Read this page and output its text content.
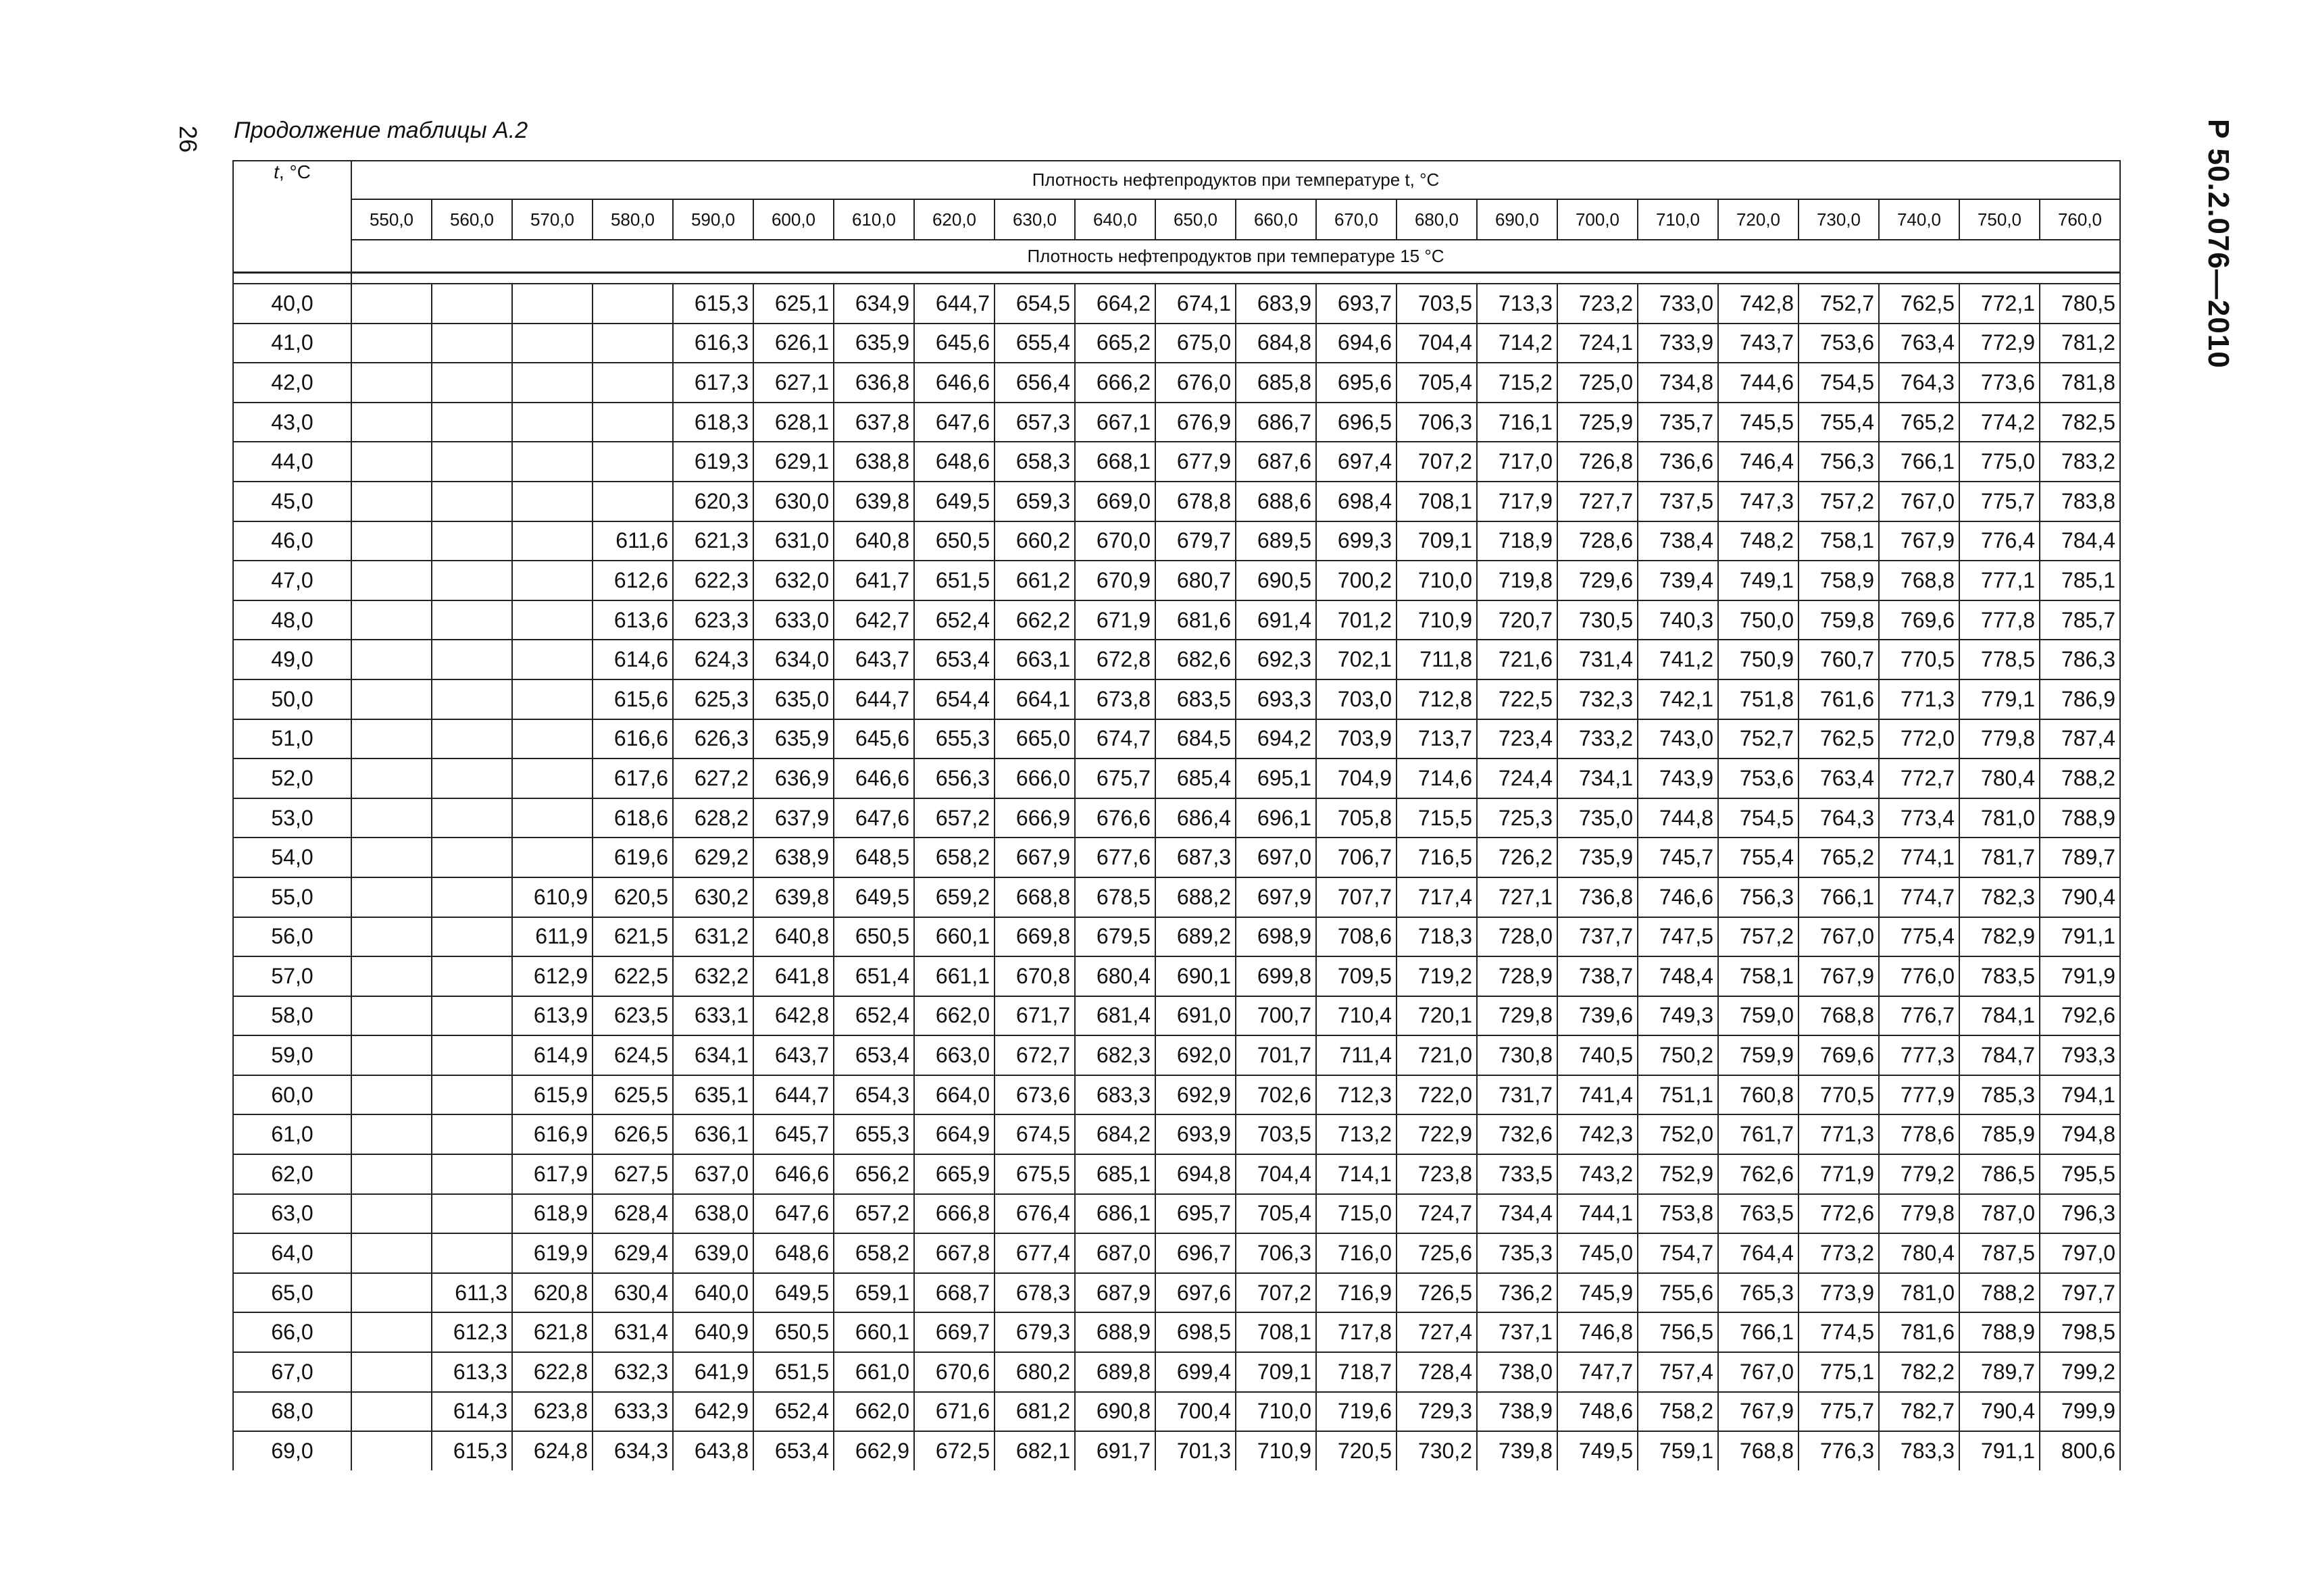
26 Продолжение таблицы А.2	Р 50.2.076—2010
t, °С	Плотность нефтепродуктов при температуре t, °С																					
	550,0	560,0	570,0	580,0	590,0	600,0	610,0	620,0	630,0	640,0	650,0	660,0	670,0	680,0	690,0	700,0	710,0	720,0	730,0	740,0	750,0	760,0
	Плотность нефтепродуктов при температуре 15 °С																					

40,0					615,3	625,1	634,9	644,7	654,5	664,2	674,1	683,9	693,7	703,5	713,3	723,2	733,0	742,8	752,7	762,5	772,1	780,5
41,0					616,3	626,1	635,9	645,6	655,4	665,2	675,0	684,8	694,6	704,4	714,2	724,1	733,9	743,7	753,6	763,4	772,9	781,2
42,0					617,3	627,1	636,8	646,6	656,4	666,2	676,0	685,8	695,6	705,4	715,2	725,0	734,8	744,6	754,5	764,3	773,6	781,8
43,0					618,3	628,1	637,8	647,6	657,3	667,1	676,9	686,7	696,5	706,3	716,1	725,9	735,7	745,5	755,4	765,2	774,2	782,5
44,0					619,3	629,1	638,8	648,6	658,3	668,1	677,9	687,6	697,4	707,2	717,0	726,8	736,6	746,4	756,3	766,1	775,0	783,2
45,0					620,3	630,0	639,8	649,5	659,3	669,0	678,8	688,6	698,4	708,1	717,9	727,7	737,5	747,3	757,2	767,0	775,7	783,8
46,0				611,6	621,3	631,0	640,8	650,5	660,2	670,0	679,7	689,5	699,3	709,1	718,9	728,6	738,4	748,2	758,1	767,9	776,4	784,4
47,0				612,6	622,3	632,0	641,7	651,5	661,2	670,9	680,7	690,5	700,2	710,0	719,8	729,6	739,4	749,1	758,9	768,8	777,1	785,1
48,0				613,6	623,3	633,0	642,7	652,4	662,2	671,9	681,6	691,4	701,2	710,9	720,7	730,5	740,3	750,0	759,8	769,6	777,8	785,7
49,0				614,6	624,3	634,0	643,7	653,4	663,1	672,8	682,6	692,3	702,1	711,8	721,6	731,4	741,2	750,9	760,7	770,5	778,5	786,3
50,0				615,6	625,3	635,0	644,7	654,4	664,1	673,8	683,5	693,3	703,0	712,8	722,5	732,3	742,1	751,8	761,6	771,3	779,1	786,9
51,0				616,6	626,3	635,9	645,6	655,3	665,0	674,7	684,5	694,2	703,9	713,7	723,4	733,2	743,0	752,7	762,5	772,0	779,8	787,4
52,0				617,6	627,2	636,9	646,6	656,3	666,0	675,7	685,4	695,1	704,9	714,6	724,4	734,1	743,9	753,6	763,4	772,7	780,4	788,2
53,0				618,6	628,2	637,9	647,6	657,2	666,9	676,6	686,4	696,1	705,8	715,5	725,3	735,0	744,8	754,5	764,3	773,4	781,0	788,9
54,0				619,6	629,2	638,9	648,5	658,2	667,9	677,6	687,3	697,0	706,7	716,5	726,2	735,9	745,7	755,4	765,2	774,1	781,7	789,7
55,0			610,9	620,5	630,2	639,8	649,5	659,2	668,8	678,5	688,2	697,9	707,7	717,4	727,1	736,8	746,6	756,3	766,1	774,7	782,3	790,4
56,0			611,9	621,5	631,2	640,8	650,5	660,1	669,8	679,5	689,2	698,9	708,6	718,3	728,0	737,7	747,5	757,2	767,0	775,4	782,9	791,1
57,0			612,9	622,5	632,2	641,8	651,4	661,1	670,8	680,4	690,1	699,8	709,5	719,2	728,9	738,7	748,4	758,1	767,9	776,0	783,5	791,9
58,0			613,9	623,5	633,1	642,8	652,4	662,0	671,7	681,4	691,0	700,7	710,4	720,1	729,8	739,6	749,3	759,0	768,8	776,7	784,1	792,6
59,0			614,9	624,5	634,1	643,7	653,4	663,0	672,7	682,3	692,0	701,7	711,4	721,0	730,8	740,5	750,2	759,9	769,6	777,3	784,7	793,3
60,0			615,9	625,5	635,1	644,7	654,3	664,0	673,6	683,3	692,9	702,6	712,3	722,0	731,7	741,4	751,1	760,8	770,5	777,9	785,3	794,1
61,0			616,9	626,5	636,1	645,7	655,3	664,9	674,5	684,2	693,9	703,5	713,2	722,9	732,6	742,3	752,0	761,7	771,3	778,6	785,9	794,8
62,0			617,9	627,5	637,0	646,6	656,2	665,9	675,5	685,1	694,8	704,4	714,1	723,8	733,5	743,2	752,9	762,6	771,9	779,2	786,5	795,5
63,0			618,9	628,4	638,0	647,6	657,2	666,8	676,4	686,1	695,7	705,4	715,0	724,7	734,4	744,1	753,8	763,5	772,6	779,8	787,0	796,3
64,0			619,9	629,4	639,0	648,6	658,2	667,8	677,4	687,0	696,7	706,3	716,0	725,6	735,3	745,0	754,7	764,4	773,2	780,4	787,5	797,0
65,0		611,3	620,8	630,4	640,0	649,5	659,1	668,7	678,3	687,9	697,6	707,2	716,9	726,5	736,2	745,9	755,6	765,3	773,9	781,0	788,2	797,7
66,0		612,3	621,8	631,4	640,9	650,5	660,1	669,7	679,3	688,9	698,5	708,1	717,8	727,4	737,1	746,8	756,5	766,1	774,5	781,6	788,9	798,5
67,0		613,3	622,8	632,3	641,9	651,5	661,0	670,6	680,2	689,8	699,4	709,1	718,7	728,4	738,0	747,7	757,4	767,0	775,1	782,2	789,7	799,2
68,0		614,3	623,8	633,3	642,9	652,4	662,0	671,6	681,2	690,8	700,4	710,0	719,6	729,3	738,9	748,6	758,2	767,9	775,7	782,7	790,4	799,9
69,0		615,3	624,8	634,3	643,8	653,4	662,9	672,5	682,1	691,7	701,3	710,9	720,5	730,2	739,8	749,5	759,1	768,8	776,3	783,3	791,1	800,6
